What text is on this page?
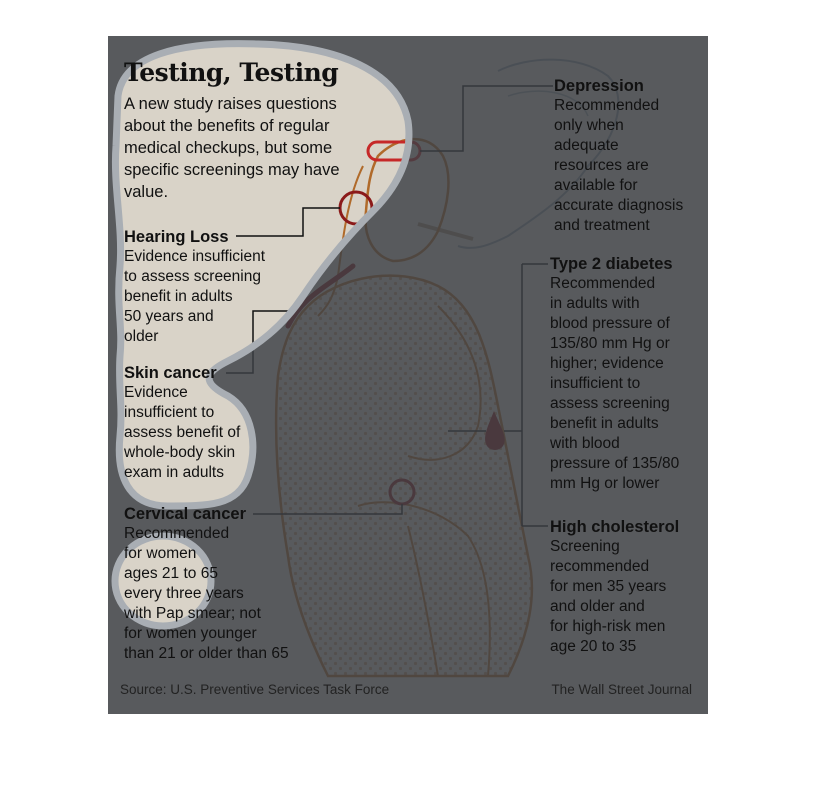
Testing, Testing
A new study raises questions about the benefits of regular medical checkups, but some specific screenings may have value.
Depression
Recommended
only when
adequate
resources are
available for
accurate diagnosis
and treatment
Hearing Loss
Evidence insufficient
to assess screening
benefit in adults
50 years and
older
Type 2 diabetes
Recommended
in adults with
blood pressure of
135/80 mm Hg or
higher; evidence
insufficient to
assess screening
benefit in adults
with blood
pressure of 135/80
mm Hg or lower
Skin cancer
Evidence
insufficient to
assess benefit of
whole-body skin
exam in adults
Cervical cancer
Recommended
for women
ages 21 to 65
every three years
with Pap smear; not
for women younger
than 21 or older than 65
High cholesterol
Screening
recommended
for men 35 years
and older and
for high-risk men
age 20 to 35
Source: U.S. Preventive Services Task Force	The Wall Street Journal
